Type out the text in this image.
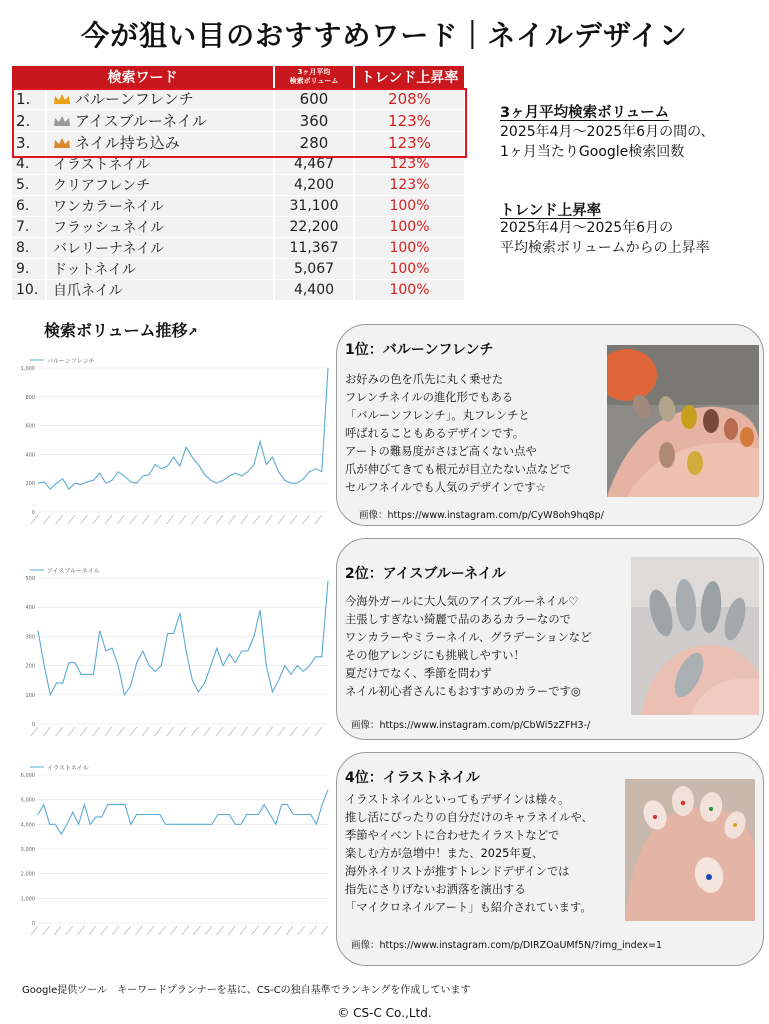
今が狙い目のおすすめワード｜ネイルデザイン
検索ワード		3ヶ月平均
検索ボリューム	トレンド上昇率
1.	バルーンフレンチ	600	208%
2.	アイスブルーネイル	360	123%
3.	ネイル持ち込み	280	123%
4.	イラストネイル	4,467	123%
5.	クリアフレンチ	4,200	123%
6.	ワンカラーネイル	31,100	100%
7.	フラッシュネイル	22,200	100%
8.	バレリーナネイル	11,367	100%
9.	ドットネイル	5,067	100%
10.	自爪ネイル	4,400	100%
3ヶ月平均検索ボリューム
2025年4月～2025年6月の間の、
1ヶ月当たりGoogle検索回数
トレンド上昇率
2025年4月～2025年6月の
平均検索ボリュームからの上昇率
検索ボリューム推移↗
バルーンフレンチ
0
200
400
600
800
1,000
アイスブルーネイル
0
100
200
300
400
500
イラストネイル
0
1,000
2,000
3,000
4,000
5,000
6,000
1位：バルーンフレンチ
お好みの色を爪先に丸く乗せた
フレンチネイルの進化形でもある
「バルーンフレンチ」。丸フレンチと
呼ばれることもあるデザインです。
アートの難易度がさほど高くない点や
爪が伸びてきても根元が目立たない点などで
セルフネイルでも人気のデザインです☆
画像：https://www.instagram.com/p/CyW8oh9hq8p/
2位：アイスブルーネイル
今海外ガールに大人気のアイスブルーネイル♡
主張しすぎない綺麗で品のあるカラーなので
ワンカラーやミラーネイル、グラデーションなど
その他アレンジにも挑戦しやすい！
夏だけでなく、季節を問わず
ネイル初心者さんにもおすすめのカラーです◎
画像：https://www.instagram.com/p/CbWi5zZFH3-/
4位：イラストネイル
イラストネイルといってもデザインは様々。
推し活にぴったりの自分だけのキャラネイルや、
季節やイベントに合わせたイラストなどで
楽しむ方が急増中！また、2025年夏、
海外ネイリストが推すトレンドデザインでは
指先にさりげないお洒落を演出する
「マイクロネイルアート」も紹介されています。
画像：https://www.instagram.com/p/DIRZOaUMf5N/?img_index=1
Google提供ツール　キーワードプランナーを基に、CS-Cの独自基準でランキングを作成しています
© CS-C Co.,Ltd.
